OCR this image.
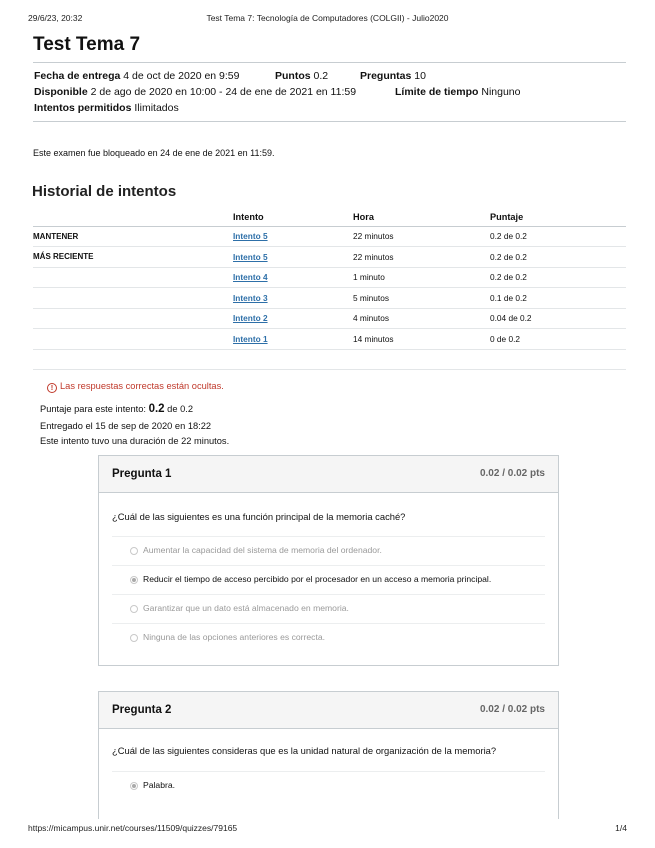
29/6/23, 20:32	Test Tema 7: Tecnología de Computadores (COLGII) - Julio2020
Test Tema 7
Fecha de entrega 4 de oct de 2020 en 9:59	Puntos 0.2	Preguntas 10
Disponible 2 de ago de 2020 en 10:00 - 24 de ene de 2021 en 11:59	Límite de tiempo Ninguno
Intentos permitidos Ilimitados
Este examen fue bloqueado en 24 de ene de 2021 en 11:59.
Historial de intentos
	Intento	Hora	Puntaje
MANTENER	Intento 5	22 minutos	0.2 de 0.2
MÁS RECIENTE	Intento 5	22 minutos	0.2 de 0.2
	Intento 4	1 minuto	0.2 de 0.2
	Intento 3	5 minutos	0.1 de 0.2
	Intento 2	4 minutos	0.04 de 0.2
	Intento 1	14 minutos	0 de 0.2

! Las respuestas correctas están ocultas.
Puntaje para este intento: 0.2 de 0.2
Entregado el 15 de sep de 2020 en 18:22
Este intento tuvo una duración de 22 minutos.
Pregunta 1	0.02 / 0.02 pts
¿Cuál de las siguientes es una función principal de la memoria caché?
Aumentar la capacidad del sistema de memoria del ordenador.
Reducir el tiempo de acceso percibido por el procesador en un acceso a memoria principal.
Garantizar que un dato está almacenado en memoria.
Ninguna de las opciones anteriores es correcta.
Pregunta 2	0.02 / 0.02 pts
¿Cuál de las siguientes consideras que es la unidad natural de organización de la memoria?
Palabra.
https://micampus.unir.net/courses/11509/quizzes/79165	1/4
